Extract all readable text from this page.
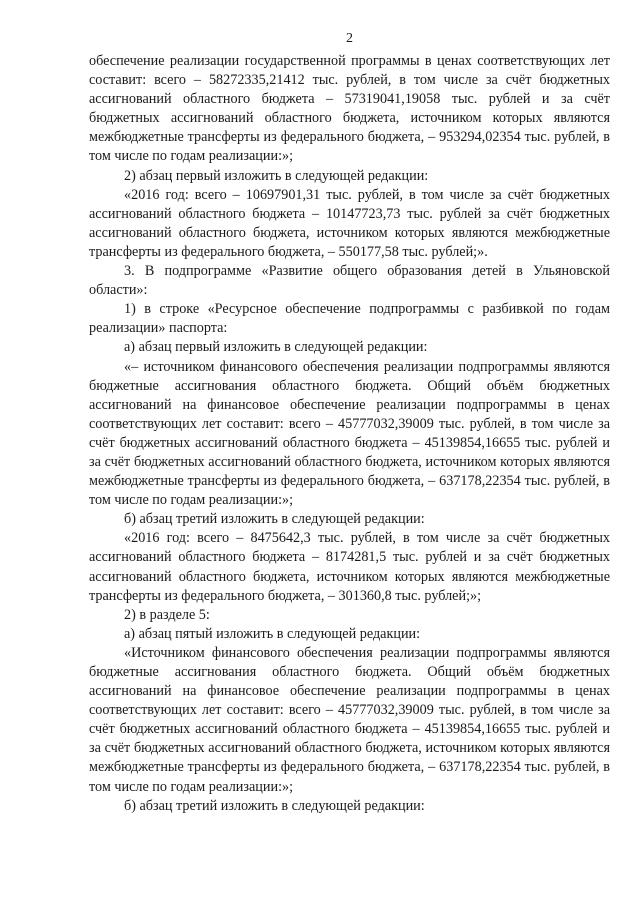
2

обеспечение реализации государственной программы в ценах соответствующих лет составит: всего – 58272335,21412 тыс. рублей, в том числе за счёт бюджетных ассигнований областного бюджета – 57319041,19058 тыс. рублей и за счёт бюджетных ассигнований областного бюджета, источником которых являются межбюджетные трансферты из федерального бюджета, – 953294,02354 тыс. рублей, в том числе по годам реализации:»;

2) абзац первый изложить в следующей редакции:

«2016 год: всего – 10697901,31 тыс. рублей, в том числе за счёт бюджетных ассигнований областного бюджета – 10147723,73 тыс. рублей за счёт бюджетных ассигнований областного бюджета, источником которых являются межбюджетные трансферты из федерального бюджета, – 550177,58 тыс. рублей;».

3. В подпрограмме «Развитие общего образования детей в Ульяновской области»:

1) в строке «Ресурсное обеспечение подпрограммы с разбивкой по годам реализации» паспорта:

а) абзац первый изложить в следующей редакции:

«– источником финансового обеспечения реализации подпрограммы являются бюджетные ассигнования областного бюджета. Общий объём бюджетных ассигнований на финансовое обеспечение реализации подпрограммы в ценах соответствующих лет составит: всего – 45777032,39009 тыс. рублей, в том числе за счёт бюджетных ассигнований областного бюджета – 45139854,16655 тыс. рублей и за счёт бюджетных ассигнований областного бюджета, источником которых являются межбюджетные трансферты из федерального бюджета, – 637178,22354 тыс. рублей, в том числе по годам реализации:»;

б) абзац третий изложить в следующей редакции:

«2016 год: всего – 8475642,3 тыс. рублей, в том числе за счёт бюджетных ассигнований областного бюджета – 8174281,5 тыс. рублей и за счёт бюджетных ассигнований областного бюджета, источником которых являются межбюджетные трансферты из федерального бюджета, – 301360,8 тыс. рублей;»;

2) в разделе 5:

а) абзац пятый изложить в следующей редакции:

«Источником финансового обеспечения реализации подпрограммы являются бюджетные ассигнования областного бюджета. Общий объём бюджетных ассигнований на финансовое обеспечение реализации подпрограммы в ценах соответствующих лет составит: всего – 45777032,39009 тыс. рублей, в том числе за счёт бюджетных ассигнований областного бюджета – 45139854,16655 тыс. рублей и за счёт бюджетных ассигнований областного бюджета, источником которых являются межбюджетные трансферты из федерального бюджета, – 637178,22354 тыс. рублей, в том числе по годам реализации:»;

б) абзац третий изложить в следующей редакции:
